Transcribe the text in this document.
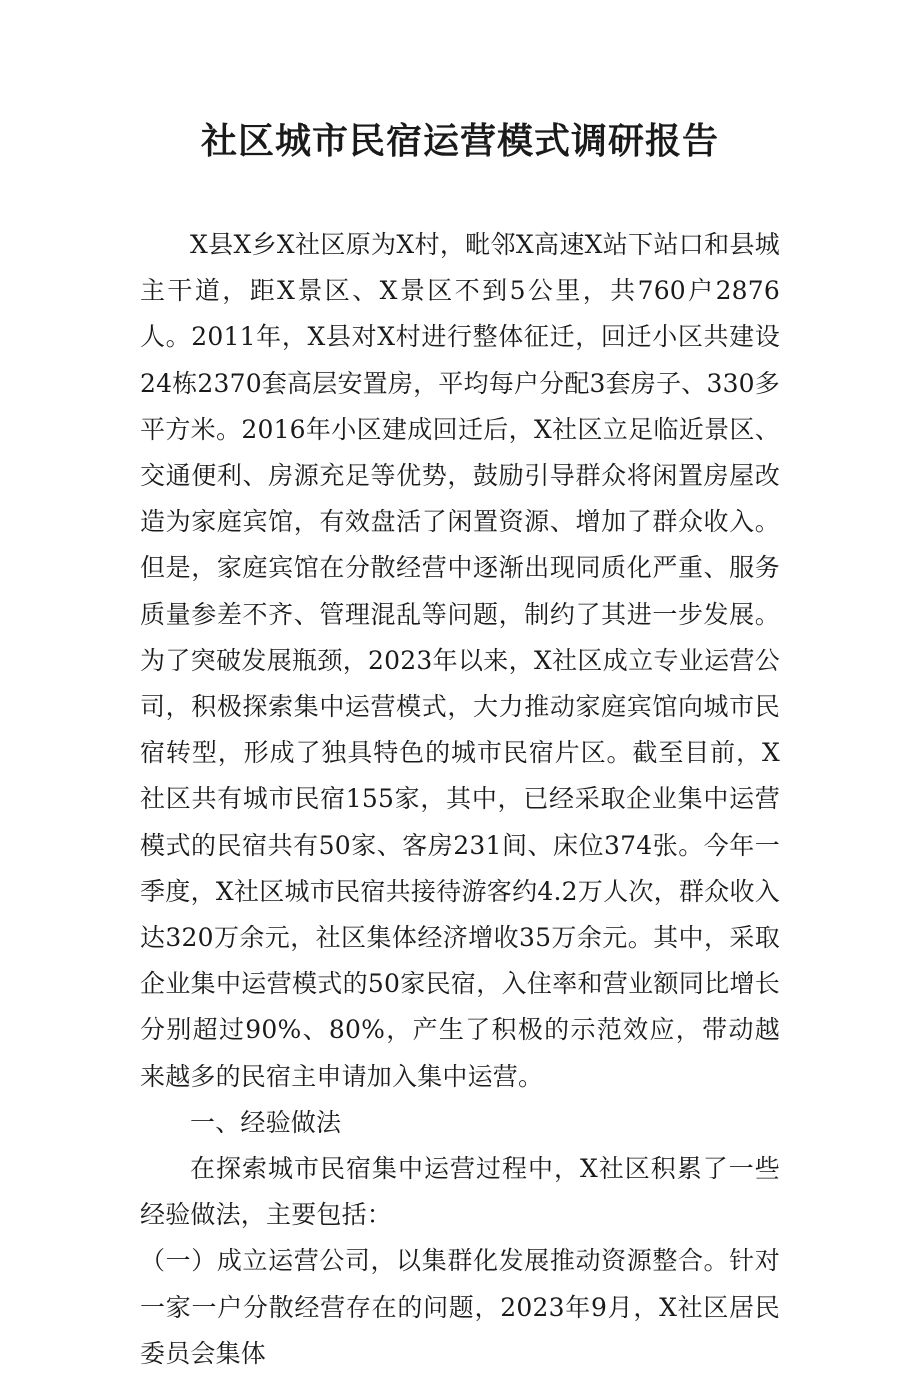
社区城市民宿运营模式调研报告

X县X乡X社区原为X村，毗邻X高速X站下站口和县城主干道，距X景区、X景区不到5公里，共760户2876人。2011年，X县对X村进行整体征迁，回迁小区共建设24栋2370套高层安置房，平均每户分配3套房子、330多平方米。2016年小区建成回迁后，X社区立足临近景区、交通便利、房源充足等优势，鼓励引导群众将闲置房屋改造为家庭宾馆，有效盘活了闲置资源、增加了群众收入。但是，家庭宾馆在分散经营中逐渐出现同质化严重、服务质量参差不齐、管理混乱等问题，制约了其进一步发展。为了突破发展瓶颈，2023年以来，X社区成立专业运营公司，积极探索集中运营模式，大力推动家庭宾馆向城市民宿转型，形成了独具特色的城市民宿片区。截至目前，X社区共有城市民宿155家，其中，已经采取企业集中运营模式的民宿共有50家、客房231间、床位374张。今年一季度，X社区城市民宿共接待游客约4.2万人次，群众收入达320万余元，社区集体经济增收35万余元。其中，采取企业集中运营模式的50家民宿，入住率和营业额同比增长分别超过90%、80%，产生了积极的示范效应，带动越来越多的民宿主申请加入集中运营。

一、经验做法

在探索城市民宿集中运营过程中，X社区积累了一些经验做法，主要包括：

（一）成立运营公司，以集群化发展推动资源整合。针对一家一户分散经营存在的问题，2023年9月，X社区居民委员会集体
